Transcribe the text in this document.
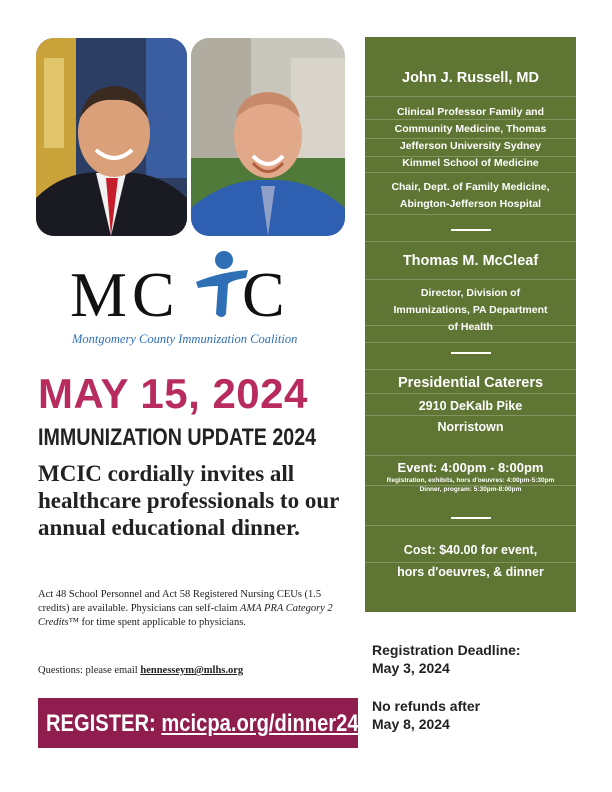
M C C
Montgomery County Immunization Coalition
MAY 15, 2024
IMMUNIZATION UPDATE 2024
MCIC cordially invites all healthcare professionals to our annual educational dinner.
Act 48 School Personnel and Act 58 Registered Nursing CEUs (1.5 credits) are available. Physicians can self-claim AMA PRA Category 2 Credits™ for time spent applicable to physicians.
Questions: please email hennesseym@mlhs.org
REGISTER: mcicpa.org/dinner24
John J. Russell, MD
Clinical Professor Family and
Community Medicine, Thomas
Jefferson University Sydney
Kimmel School of Medicine
Chair, Dept. of Family Medicine,
Abington-Jefferson Hospital
Thomas M. McCleaf
Director, Division of
Immunizations, PA Department
of Health
Presidential Caterers
2910 DeKalb Pike
Norristown
Event: 4:00pm - 8:00pm
Registration, exhibits, hors d'oeuvres: 4:00pm-5:30pm
Dinner, program: 5:30pm-8:00pm
Cost: $40.00 for event,
hors d'oeuvres, & dinner
Registration Deadline:
May 3, 2024
No refunds after
May 8, 2024
